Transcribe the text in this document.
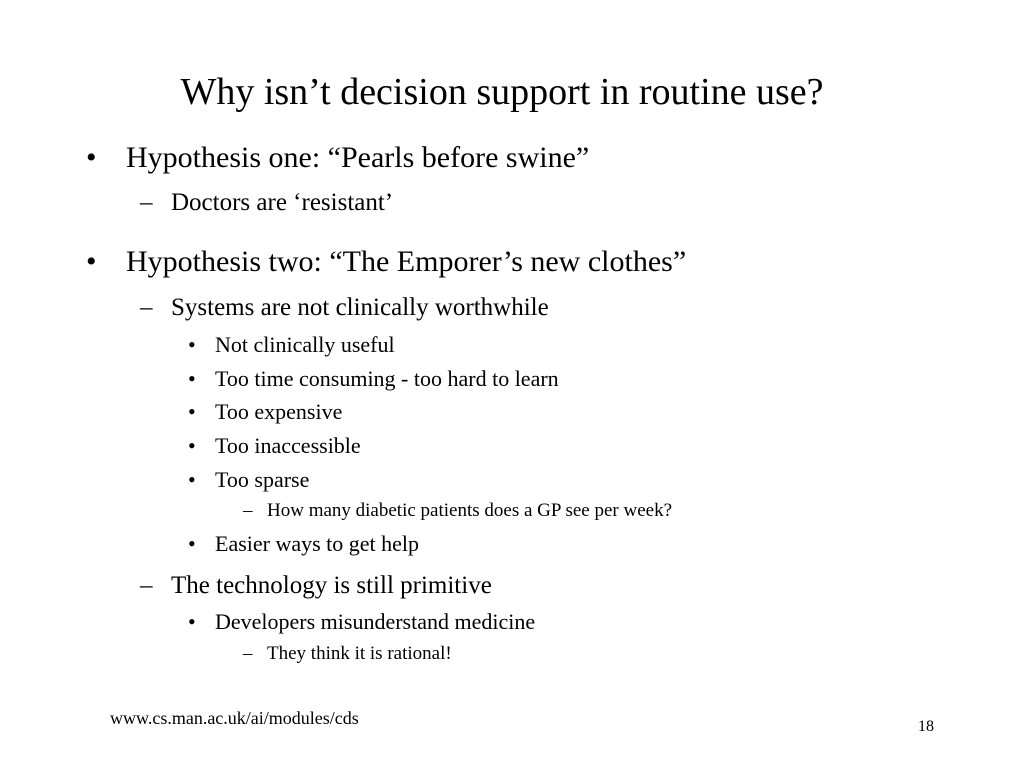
Why isn’t decision support in routine use?
• Hypothesis one: “Pearls before swine”
– Doctors are ‘resistant’
• Hypothesis two: “The Emporer’s new clothes”
– Systems are not clinically worthwhile
• Not clinically useful
• Too time consuming - too hard to learn
• Too expensive
• Too inaccessible
• Too sparse
– How many diabetic patients does a GP see per week?
• Easier ways to get help
– The technology is still primitive
• Developers misunderstand medicine
– They think it is rational!
www.cs.man.ac.uk/ai/modules/cds	18
